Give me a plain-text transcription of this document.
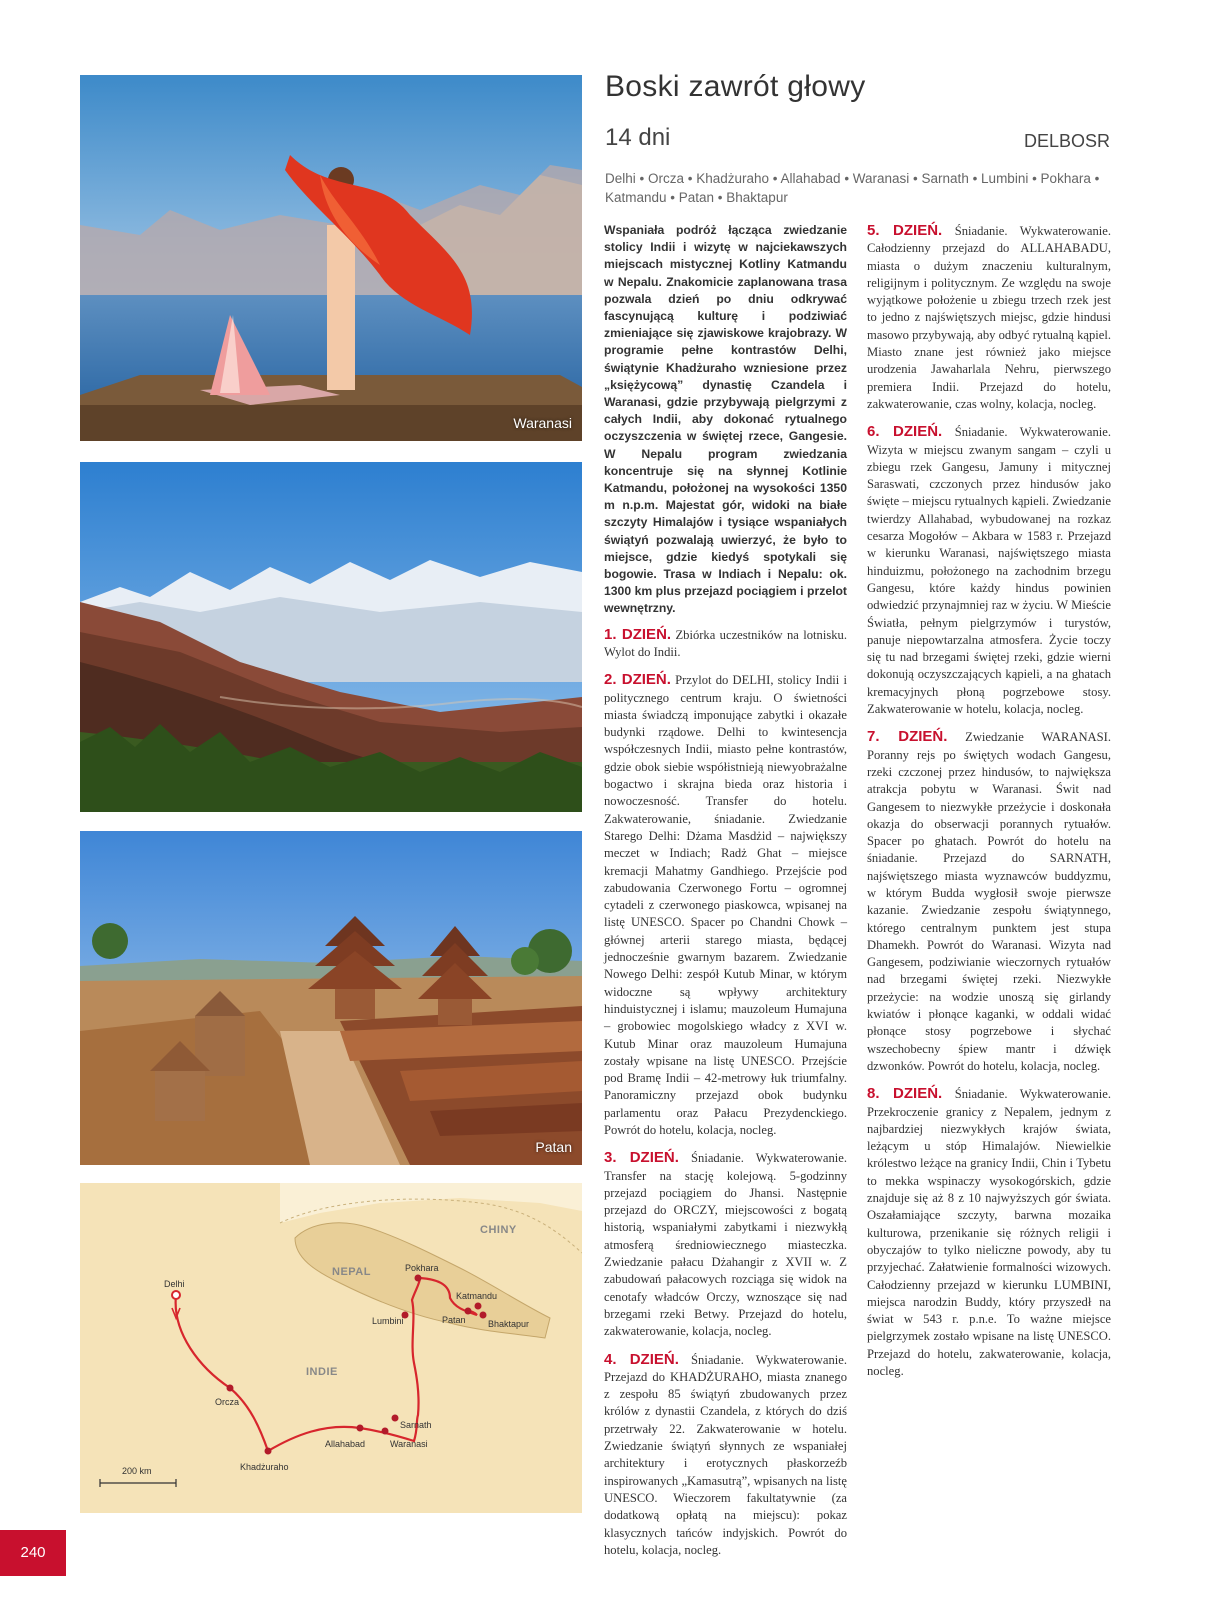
Waranasi
Patan
CHINY
NEPAL
INDIE
Delhi
Orcza
Khadżuraho
Allahabad	Waranasi
Sarnath
Lumbini
Pokhara
Katmandu
Patan Bhaktapur
200 km
Boski zawrót głowy
14 dni	DELBOSR
Delhi • Orcza • Khadżuraho • Allahabad • Waranasi • Sarnath • Lumbini • Pokhara • Katmandu • Patan • Bhaktapur

Wspaniała podróż łącząca zwiedzanie stolicy Indii i wizytę w najciekawszych miejscach mistycznej Kotliny Katmandu w Nepalu. Znakomicie zaplanowana trasa pozwala dzień po dniu odkrywać fascynującą kulturę i podziwiać zmieniające się zjawiskowe krajobrazy. W programie pełne kontrastów Delhi, świątynie Khadżuraho wzniesione przez „księżycową” dynastię Czandela i Waranasi, gdzie przybywają pielgrzymi z całych Indii, aby dokonać rytualnego oczyszczenia w świętej rzece, Gangesie. W Nepalu program zwiedzania koncentruje się na słynnej Kotlinie Katmandu, położonej na wysokości 1350 m n.p.m. Majestat gór, widoki na białe szczyty Himalajów i tysiące wspaniałych świątyń pozwalają uwierzyć, że było to miejsce, gdzie kiedyś spotykali się bogowie. Trasa w Indiach i Nepalu: ok. 1300 km plus przejazd pociągiem i przelot wewnętrzny.

1. DZIEŃ. Zbiórka uczestników na lotnisku. Wylot do Indii.

2. DZIEŃ. Przylot do DELHI, stolicy Indii i politycznego centrum kraju. O świetności miasta świadczą imponujące zabytki i okazałe budynki rządowe. Delhi to kwintesencja współczesnych Indii, miasto pełne kontrastów, gdzie obok siebie współistnieją niewyobrażalne bogactwo i skrajna bieda oraz historia i nowoczesność. Transfer do hotelu. Zakwaterowanie, śniadanie. Zwiedzanie Starego Delhi: Dżama Masdżid – największy meczet w Indiach; Radż Ghat – miejsce kremacji Mahatmy Gandhiego. Przejście pod zabudowania Czerwonego Fortu – ogromnej cytadeli z czerwonego piaskowca, wpisanej na listę UNESCO. Spacer po Chandni Chowk – głównej arterii starego miasta, będącej jednocześnie gwarnym bazarem. Zwiedzanie Nowego Delhi: zespół Kutub Minar, w którym widoczne są wpływy architektury hinduistycznej i islamu; mauzoleum Humajuna – grobowiec mogolskiego władcy z XVI w. Kutub Minar oraz mauzoleum Humajuna zostały wpisane na listę UNESCO. Przejście pod Bramę Indii – 42-metrowy łuk triumfalny. Panoramiczny przejazd obok budynku parlamentu oraz Pałacu Prezydenckiego. Powrót do hotelu, kolacja, nocleg.

3. DZIEŃ. Śniadanie. Wykwaterowanie. Transfer na stację kolejową. 5-godzinny przejazd pociągiem do Jhansi. Następnie przejazd do ORCZY, miejscowości z bogatą historią, wspaniałymi zabytkami i niezwykłą atmosferą średniowiecznego miasteczka. Zwiedzanie pałacu Dżahangir z XVII w. Z zabudowań pałacowych rozciąga się widok na cenotafy władców Orczy, wznoszące się nad brzegami rzeki Betwy. Przejazd do hotelu, zakwaterowanie, kolacja, nocleg.

4. DZIEŃ. Śniadanie. Wykwaterowanie. Przejazd do KHADŻURAHO, miasta znanego z zespołu 85 świątyń zbudowanych przez królów z dynastii Czandela, z których do dziś przetrwały 22. Zakwaterowanie w hotelu. Zwiedzanie świątyń słynnych ze wspaniałej architektury i erotycznych płaskorzeźb inspirowanych „Kamasutrą”, wpisanych na listę UNESCO. Wieczorem fakultatywnie (za dodatkową opłatą na miejscu): pokaz klasycznych tańców indyjskich. Powrót do hotelu, kolacja, nocleg.

5. DZIEŃ. Śniadanie. Wykwaterowanie. Całodzienny przejazd do ALLAHABADU, miasta o dużym znaczeniu kulturalnym, religijnym i politycznym. Ze względu na swoje wyjątkowe położenie u zbiegu trzech rzek jest to jedno z najświętszych miejsc, gdzie hindusi masowo przybywają, aby odbyć rytualną kąpiel. Miasto znane jest również jako miejsce urodzenia Jawaharlala Nehru, pierwszego premiera Indii. Przejazd do hotelu, zakwaterowanie, czas wolny, kolacja, nocleg.

6. DZIEŃ. Śniadanie. Wykwaterowanie. Wizyta w miejscu zwanym sangam – czyli u zbiegu rzek Gangesu, Jamuny i mitycznej Saraswati, czczonych przez hindusów jako święte – miejscu rytualnych kąpieli. Zwiedzanie twierdzy Allahabad, wybudowanej na rozkaz cesarza Mogołów – Akbara w 1583 r. Przejazd w kierunku Waranasi, najświętszego miasta hinduizmu, położonego na zachodnim brzegu Gangesu, które każdy hindus powinien odwiedzić przynajmniej raz w życiu. W Mieście Światła, pełnym pielgrzymów i turystów, panuje niepowtarzalna atmosfera. Życie toczy się tu nad brzegami świętej rzeki, gdzie wierni dokonują oczyszczających kąpieli, a na ghatach kremacyjnych płoną pogrzebowe stosy. Zakwaterowanie w hotelu, kolacja, nocleg.

7. DZIEŃ. Zwiedzanie WARANASI. Poranny rejs po świętych wodach Gangesu, rzeki czczonej przez hindusów, to największa atrakcja pobytu w Waranasi. Świt nad Gangesem to niezwykłe przeżycie i doskonała okazja do obserwacji porannych rytuałów. Spacer po ghatach. Powrót do hotelu na śniadanie. Przejazd do SARNATH, najświętszego miasta wyznawców buddyzmu, w którym Budda wygłosił swoje pierwsze kazanie. Zwiedzanie zespołu świątynnego, którego centralnym punktem jest stupa Dhamekh. Powrót do Waranasi. Wizyta nad Gangesem, podziwianie wieczornych rytuałów nad brzegami świętej rzeki. Niezwykłe przeżycie: na wodzie unoszą się girlandy kwiatów i płonące kaganki, w oddali widać płonące stosy pogrzebowe i słychać wszechobecny śpiew mantr i dźwięk dzwonków. Powrót do hotelu, kolacja, nocleg.

8. DZIEŃ. Śniadanie. Wykwaterowanie. Przekroczenie granicy z Nepalem, jednym z najbardziej niezwykłych krajów świata, leżącym u stóp Himalajów. Niewielkie królestwo leżące na granicy Indii, Chin i Tybetu to mekka wspinaczy wysokogórskich, gdzie znajduje się aż 8 z 10 najwyższych gór świata. Oszałamiające szczyty, barwna mozaika kulturowa, przenikanie się różnych religii i obyczajów to tylko nieliczne powody, aby tu przyjechać. Załatwienie formalności wizowych. Całodzienny przejazd w kierunku LUMBINI, miejsca narodzin Buddy, który przyszedł na świat w 543 r. p.n.e. To ważne miejsce pielgrzymek zostało wpisane na listę UNESCO. Przejazd do hotelu, zakwaterowanie, kolacja, nocleg.

240
